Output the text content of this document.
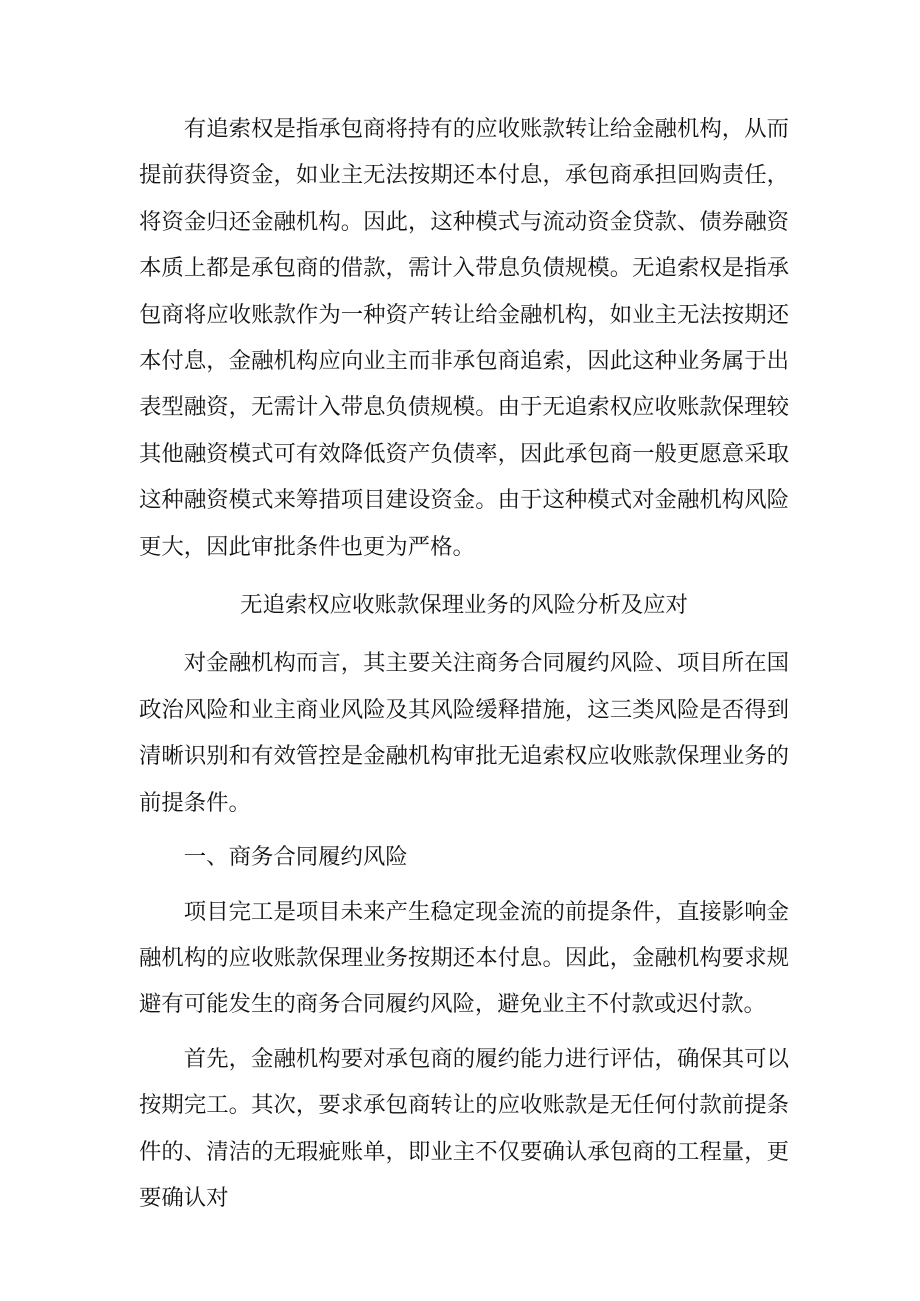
有追索权是指承包商将持有的应收账款转让给金融机构，从而提前获得资金，如业主无法按期还本付息，承包商承担回购责任，将资金归还金融机构。因此，这种模式与流动资金贷款、债券融资本质上都是承包商的借款，需计入带息负债规模。无追索权是指承包商将应收账款作为一种资产转让给金融机构，如业主无法按期还本付息，金融机构应向业主而非承包商追索，因此这种业务属于出表型融资，无需计入带息负债规模。由于无追索权应收账款保理较其他融资模式可有效降低资产负债率，因此承包商一般更愿意采取这种融资模式来筹措项目建设资金。由于这种模式对金融机构风险更大，因此审批条件也更为严格。

无追索权应收账款保理业务的风险分析及应对

对金融机构而言，其主要关注商务合同履约风险、项目所在国政治风险和业主商业风险及其风险缓释措施，这三类风险是否得到清晰识别和有效管控是金融机构审批无追索权应收账款保理业务的前提条件。

一、商务合同履约风险

项目完工是项目未来产生稳定现金流的前提条件，直接影响金融机构的应收账款保理业务按期还本付息。因此，金融机构要求规避有可能发生的商务合同履约风险，避免业主不付款或迟付款。

首先，金融机构要对承包商的履约能力进行评估，确保其可以按期完工。其次，要求承包商转让的应收账款是无任何付款前提条件的、清洁的无瑕疵账单，即业主不仅要确认承包商的工程量，更要确认对
